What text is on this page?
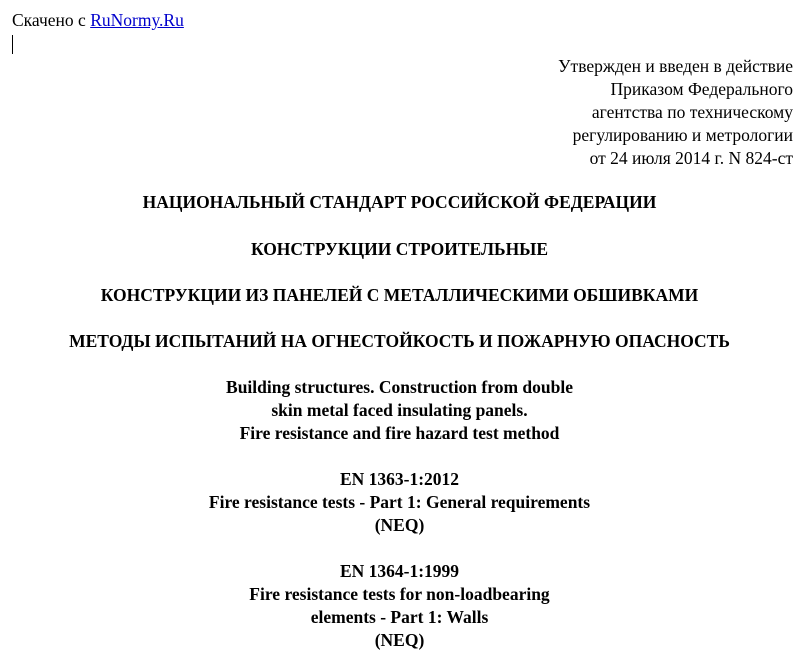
Скачено с RuNormy.Ru
Утвержден и введен в действие
Приказом Федерального
агентства по техническому
регулированию и метрологии
от 24 июля 2014 г. N 824-ст
НАЦИОНАЛЬНЫЙ СТАНДАРТ РОССИЙСКОЙ ФЕДЕРАЦИИ
КОНСТРУКЦИИ СТРОИТЕЛЬНЫЕ
КОНСТРУКЦИИ ИЗ ПАНЕЛЕЙ С МЕТАЛЛИЧЕСКИМИ ОБШИВКАМИ
МЕТОДЫ ИСПЫТАНИЙ НА ОГНЕСТОЙКОСТЬ И ПОЖАРНУЮ ОПАСНОСТЬ
Building structures. Construction from double
skin metal faced insulating panels.
Fire resistance and fire hazard test method
EN 1363-1:2012
Fire resistance tests - Part 1: General requirements
(NEQ)
EN 1364-1:1999
Fire resistance tests for non-loadbearing
elements - Part 1: Walls
(NEQ)
